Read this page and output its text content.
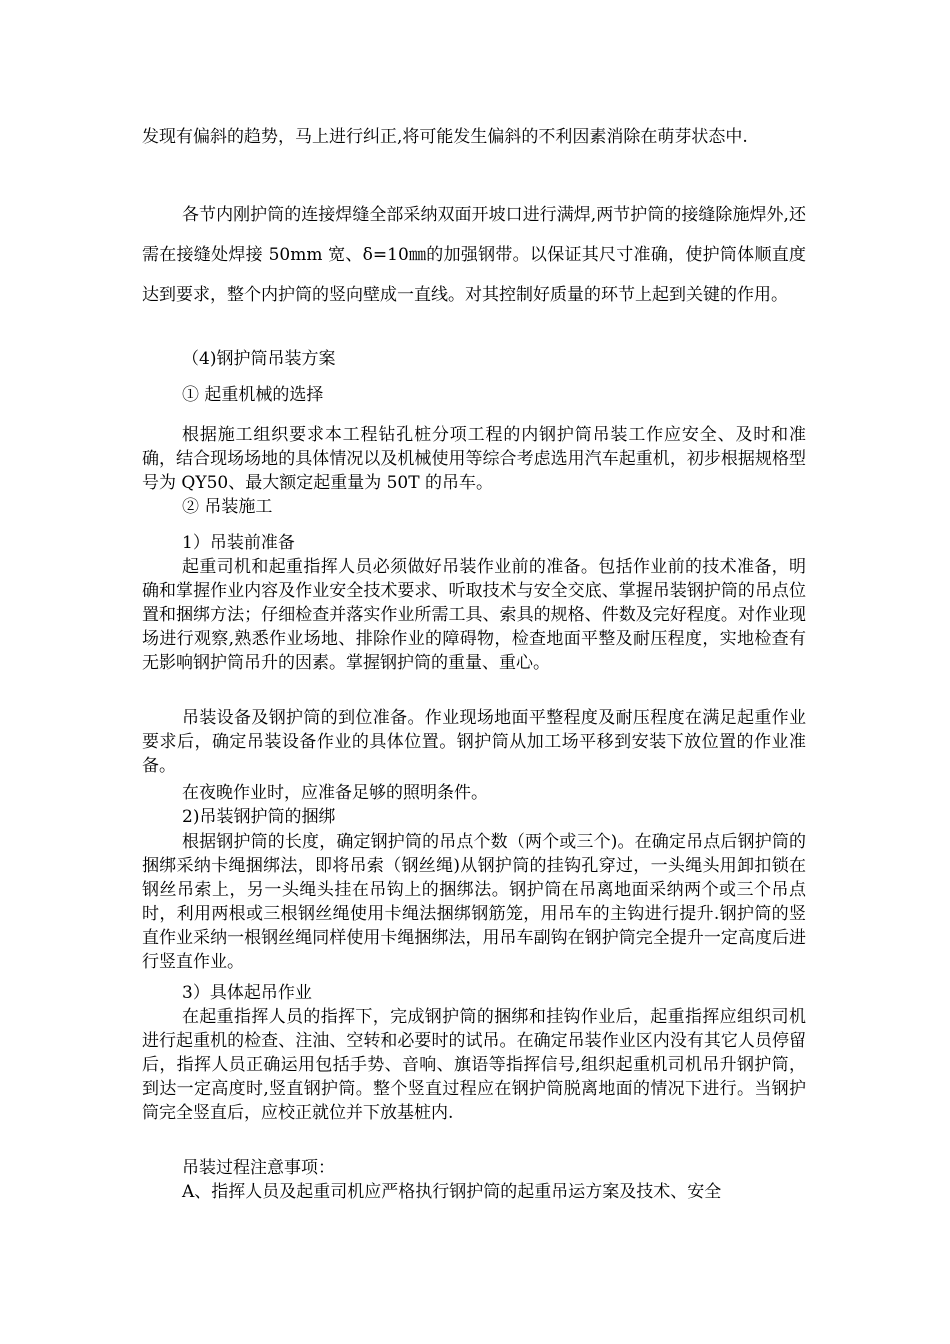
发现有偏斜的趋势，马上进行纠正,将可能发生偏斜的不利因素消除在萌芽状态中.

各节内刚护筒的连接焊缝全部采纳双面开坡口进行满焊,两节护筒的接缝除施焊外,还需在接缝处焊接 50mm 宽、δ=10㎜的加强钢带。以保证其尺寸准确，使护筒体顺直度达到要求，整个内护筒的竖向壁成一直线。对其控制好质量的环节上起到关键的作用。

（4)钢护筒吊装方案

① 起重机械的选择

根据施工组织要求本工程钻孔桩分项工程的内钢护筒吊装工作应安全、及时和准确，结合现场场地的具体情况以及机械使用等综合考虑选用汽车起重机，初步根据规格型号为 QY50、最大额定起重量为 50T 的吊车。

② 吊装施工

1）吊装前准备

起重司机和起重指挥人员必须做好吊装作业前的准备。包括作业前的技术准备，明确和掌握作业内容及作业安全技术要求、听取技术与安全交底、掌握吊装钢护筒的吊点位置和捆绑方法；仔细检查并落实作业所需工具、索具的规格、件数及完好程度。对作业现场进行观察,熟悉作业场地、排除作业的障碍物，检查地面平整及耐压程度，实地检查有无影响钢护筒吊升的因素。掌握钢护筒的重量、重心。

吊装设备及钢护筒的到位准备。作业现场地面平整程度及耐压程度在满足起重作业要求后，确定吊装设备作业的具体位置。钢护筒从加工场平移到安装下放位置的作业准备。

在夜晚作业时，应准备足够的照明条件。

2)吊装钢护筒的捆绑

根据钢护筒的长度，确定钢护筒的吊点个数（两个或三个)。在确定吊点后钢护筒的捆绑采纳卡绳捆绑法，即将吊索（钢丝绳)从钢护筒的挂钩孔穿过，一头绳头用卸扣锁在钢丝吊索上，另一头绳头挂在吊钩上的捆绑法。钢护筒在吊离地面采纳两个或三个吊点时，利用两根或三根钢丝绳使用卡绳法捆绑钢筋笼，用吊车的主钩进行提升.钢护筒的竖直作业采纳一根钢丝绳同样使用卡绳捆绑法，用吊车副钩在钢护筒完全提升一定高度后进行竖直作业。

3）具体起吊作业

在起重指挥人员的指挥下，完成钢护筒的捆绑和挂钩作业后，起重指挥应组织司机进行起重机的检查、注油、空转和必要时的试吊。在确定吊装作业区内没有其它人员停留后，指挥人员正确运用包括手势、音响、旗语等指挥信号,组织起重机司机吊升钢护筒，到达一定高度时,竖直钢护筒。整个竖直过程应在钢护筒脱离地面的情况下进行。当钢护筒完全竖直后，应校正就位并下放基桩内.

吊装过程注意事项：

A、指挥人员及起重司机应严格执行钢护筒的起重吊运方案及技术、安全
